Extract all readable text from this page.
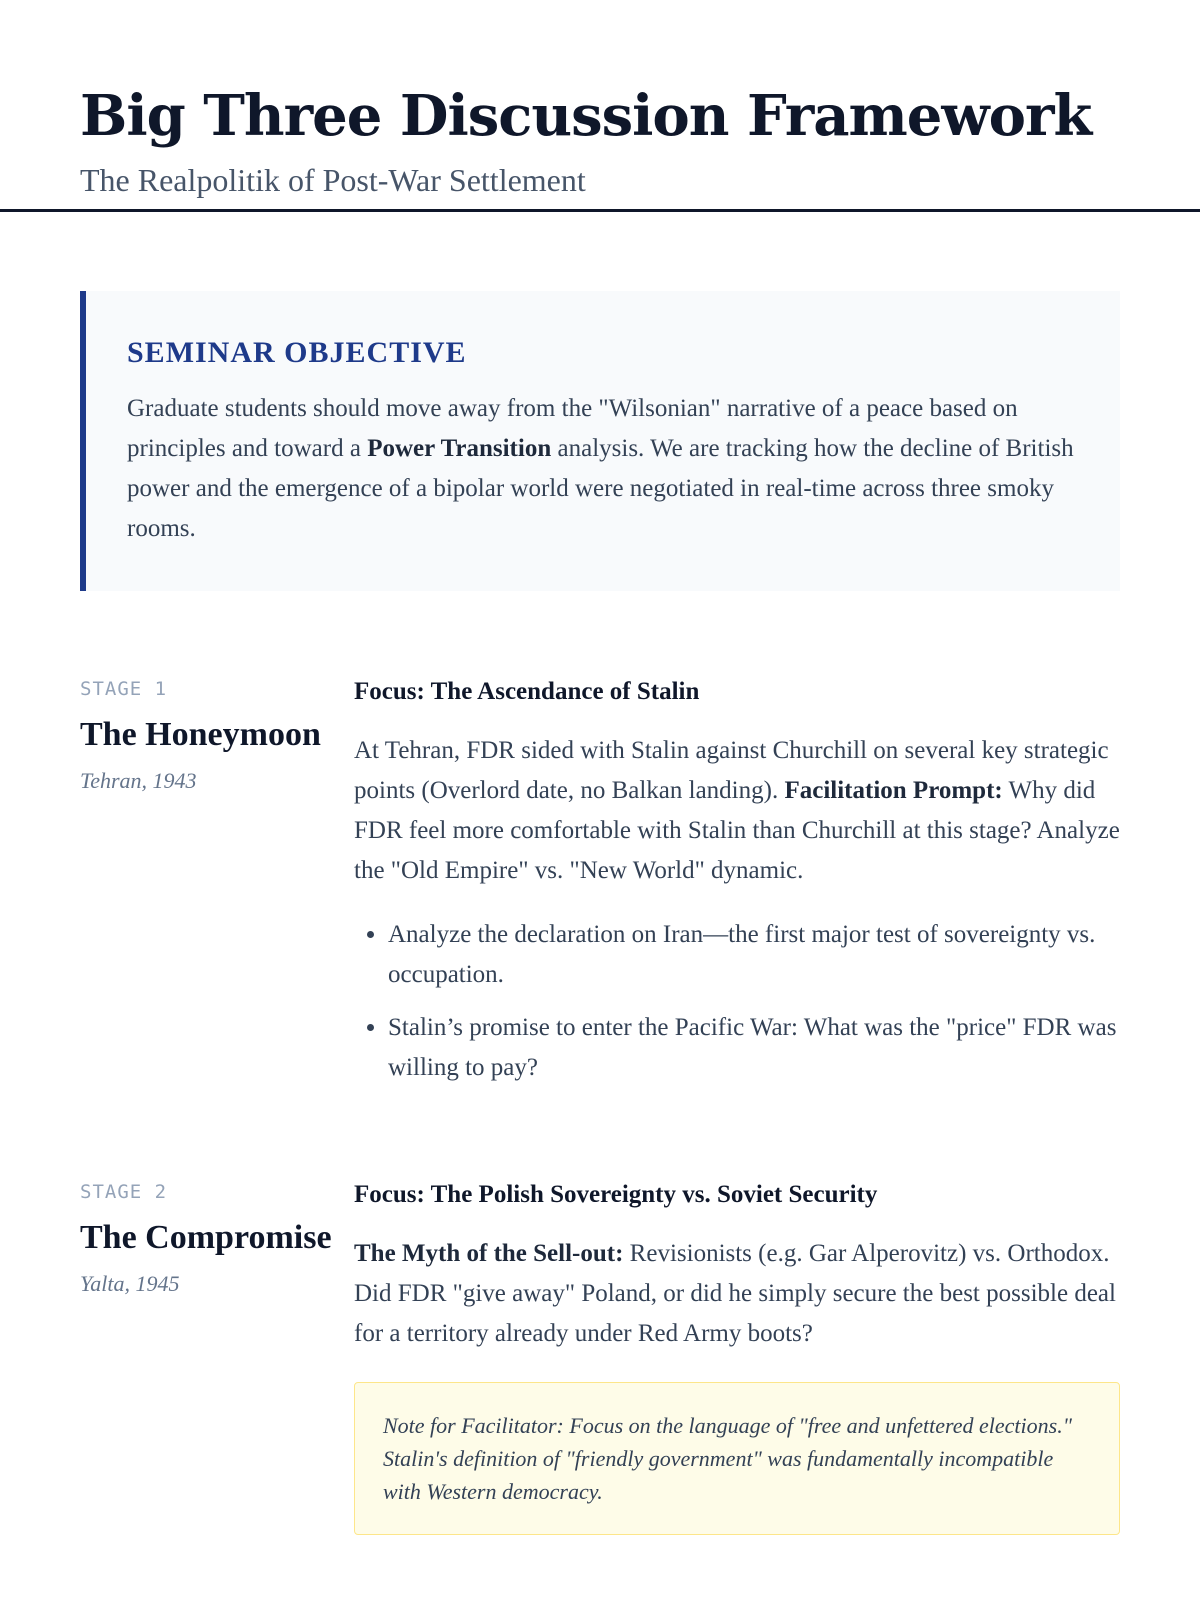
Big Three Discussion Framework
The Realpolitik of Post-War Settlement
SEMINAR OBJECTIVE
Graduate students should move away from the "Wilsonian" narrative of a peace based on principles and toward a Power Transition analysis. We are tracking how the decline of British power and the emergence of a bipolar world were negotiated in real-time across three smoky rooms.
STAGE 1
The Honeymoon
Tehran, 1943
Focus: The Ascendance of Stalin
At Tehran, FDR sided with Stalin against Churchill on several key strategic points (Overlord date, no Balkan landing). Facilitation Prompt: Why did FDR feel more comfortable with Stalin than Churchill at this stage? Analyze the "Old Empire" vs. "New World" dynamic.
• Analyze the declaration on Iran—the first major test of sovereignty vs. occupation.
• Stalin’s promise to enter the Pacific War: What was the "price" FDR was willing to pay?
STAGE 2
The Compromise
Yalta, 1945
Focus: The Polish Sovereignty vs. Soviet Security
The Myth of the Sell-out: Revisionists (e.g. Gar Alperovitz) vs. Orthodox. Did FDR "give away" Poland, or did he simply secure the best possible deal for a territory already under Red Army boots?
Note for Facilitator: Focus on the language of "free and unfettered elections." Stalin's definition of "friendly government" was fundamentally incompatible with Western democracy.
